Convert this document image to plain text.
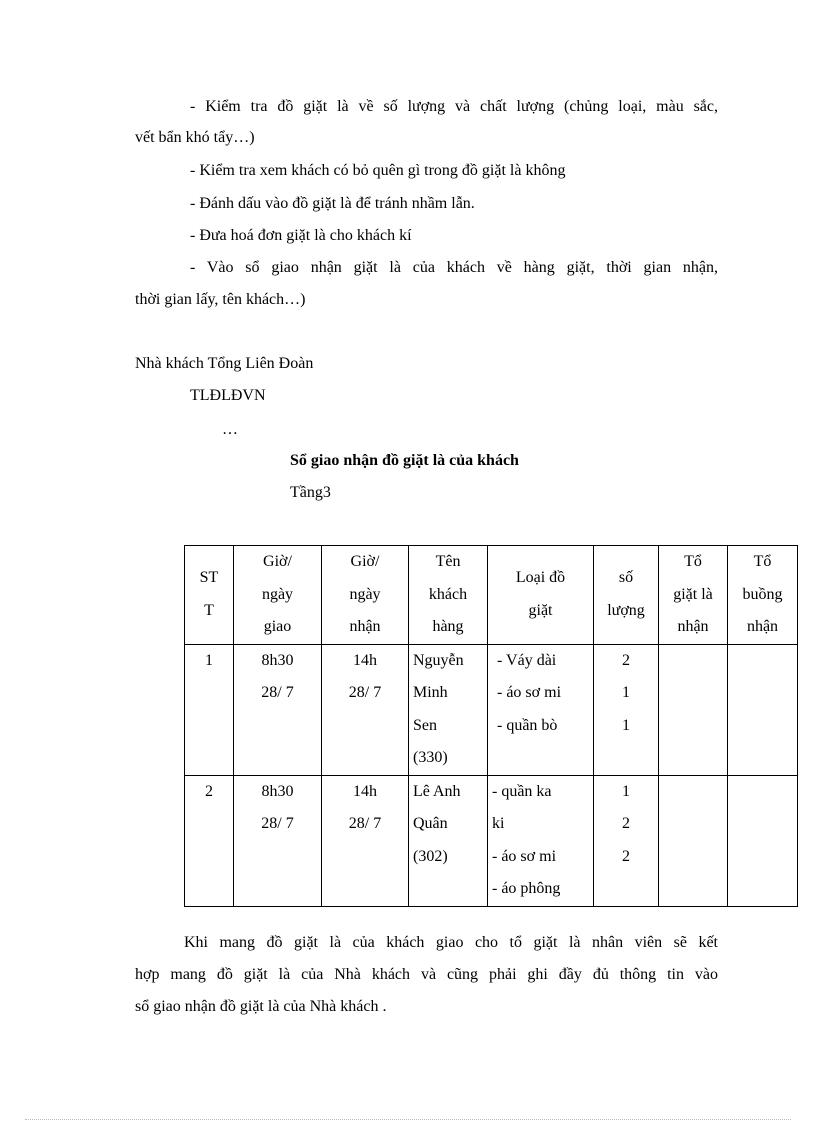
- Kiểm tra đồ giặt là về số lượng và chất lượng (chủng loại, màu sắc,
vết bẩn khó tẩy…)
- Kiểm tra xem khách có bỏ quên gì trong đồ giặt là không
- Đánh dấu vào đồ giặt là để tránh nhầm lẫn.
- Đưa hoá đơn giặt là cho khách kí
- Vào sổ giao nhận giặt là của khách về hàng giặt, thời gian nhận,
thời gian lấy, tên khách…)
Nhà khách Tổng Liên Đoàn
TLĐLĐVN
…
Sổ giao nhận đồ giặt là của khách
Tầng3
ST
T	Giờ/
ngày
giao	Giờ/
ngày
nhận	Tên
khách
hàng	Loại đồ
giặt	số
lượng	Tổ
giặt là
nhận	Tổ
buồng
nhận

1	8h30
28/ 7	14h
28/ 7	Nguyễn
Minh
Sen
(330)	- Váy dài
- áo sơ mi
- quần bò	2
1
1		

2	8h30
28/ 7	14h
28/ 7	Lê Anh
Quân
(302)	- quần ka
ki
- áo sơ mi
- áo phông	1
2
2		

Khi mang đồ giặt là của khách giao cho tổ giặt là nhân viên sẽ kết
hợp mang đồ giặt là của Nhà khách và cũng phải ghi đầy đủ thông tin vào
sổ giao nhận đồ giặt là của Nhà khách .
